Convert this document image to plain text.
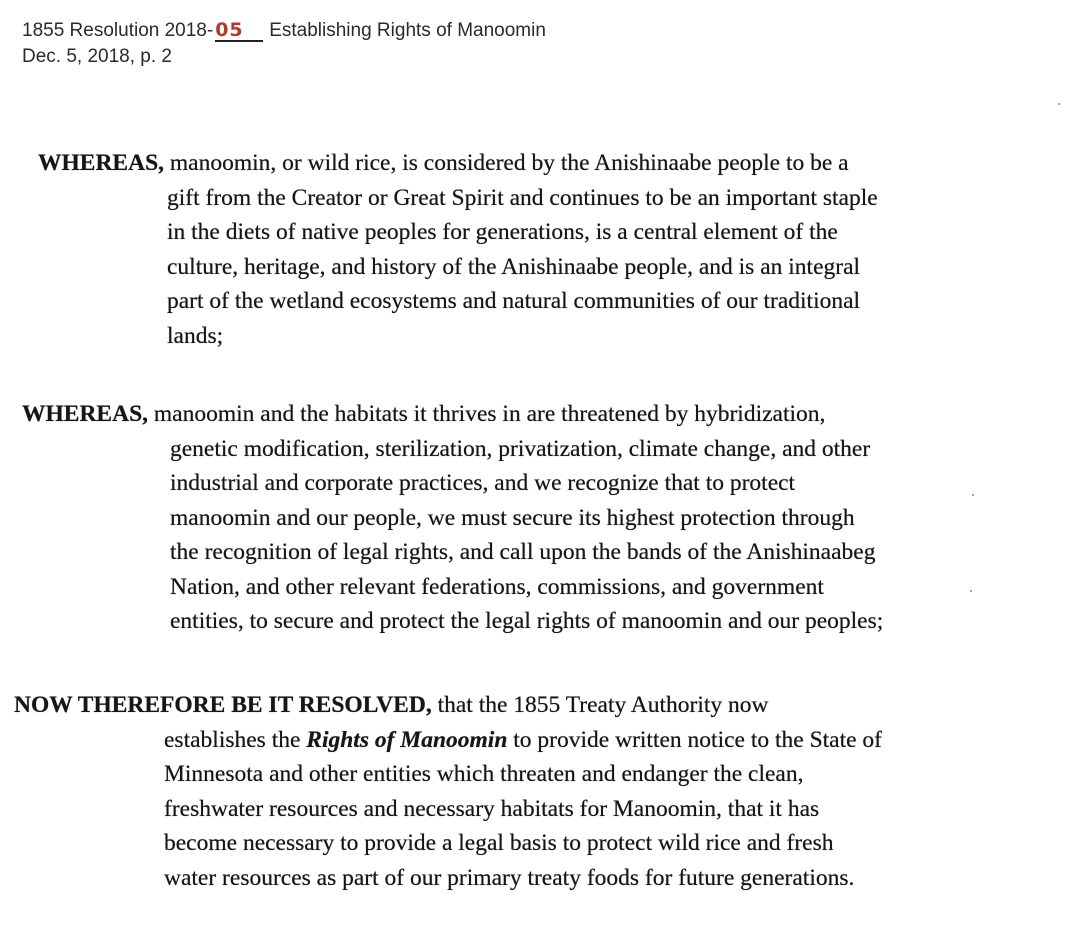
1855 Resolution 2018- 05 Establishing Rights of Manoomin
Dec. 5, 2018, p. 2
WHEREAS, manoomin, or wild rice, is considered by the Anishinaabe people to be a
gift from the Creator or Great Spirit and continues to be an important staple
in the diets of native peoples for generations, is a central element of the
culture, heritage, and history of the Anishinaabe people, and is an integral
part of the wetland ecosystems and natural communities of our traditional
lands;
WHEREAS, manoomin and the habitats it thrives in are threatened by hybridization,
genetic modification, sterilization, privatization, climate change, and other
industrial and corporate practices, and we recognize that to protect
manoomin and our people, we must secure its highest protection through
the recognition of legal rights, and call upon the bands of the Anishinaabeg
Nation, and other relevant federations, commissions, and government
entities, to secure and protect the legal rights of manoomin and our peoples;
NOW THEREFORE BE IT RESOLVED, that the 1855 Treaty Authority now
establishes the Rights of Manoomin to provide written notice to the State of
Minnesota and other entities which threaten and endanger the clean,
freshwater resources and necessary habitats for Manoomin, that it has
become necessary to provide a legal basis to protect wild rice and fresh
water resources as part of our primary treaty foods for future generations.
